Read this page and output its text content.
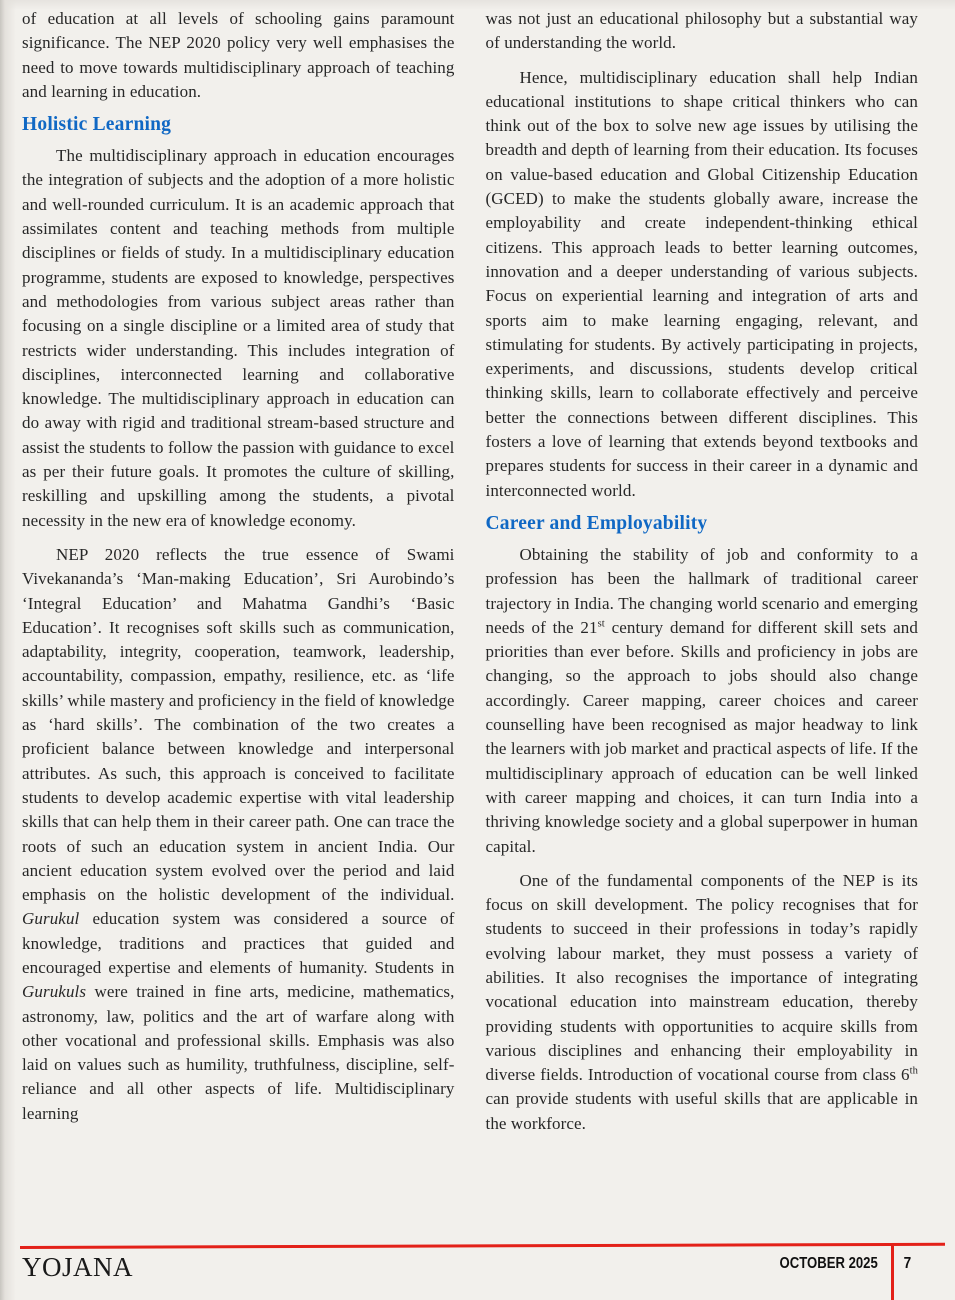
of education at all levels of schooling gains paramount significance. The NEP 2020 policy very well emphasises the need to move towards multidisciplinary approach of teaching and learning in education.

Holistic Learning

The multidisciplinary approach in education encourages the integration of subjects and the adoption of a more holistic and well-rounded curriculum. It is an academic approach that assimilates content and teaching methods from multiple disciplines or fields of study. In a multidisciplinary education programme, students are exposed to knowledge, perspectives and methodologies from various subject areas rather than focusing on a single discipline or a limited area of study that restricts wider understanding. This includes integration of disciplines, interconnected learning and collaborative knowledge. The multidisciplinary approach in education can do away with rigid and traditional stream-based structure and assist the students to follow the passion with guidance to excel as per their future goals. It promotes the culture of skilling, reskilling and upskilling among the students, a pivotal necessity in the new era of knowledge economy.

NEP 2020 reflects the true essence of Swami Vivekananda’s ‘Man-making Education’, Sri Aurobindo’s ‘Integral Education’ and Mahatma Gandhi’s ‘Basic Education’. It recognises soft skills such as communication, adaptability, integrity, cooperation, teamwork, leadership, accountability, compassion, empathy, resilience, etc. as ‘life skills’ while mastery and proficiency in the field of knowledge as ‘hard skills’. The combination of the two creates a proficient balance between knowledge and interpersonal attributes. As such, this approach is conceived to facilitate students to develop academic expertise with vital leadership skills that can help them in their career path. One can trace the roots of such an education system in ancient India. Our ancient education system evolved over the period and laid emphasis on the holistic development of the individual. Gurukul education system was considered a source of knowledge, traditions and practices that guided and encouraged expertise and elements of humanity. Students in Gurukuls were trained in fine arts, medicine, mathematics, astronomy, law, politics and the art of warfare along with other vocational and professional skills. Emphasis was also laid on values such as humility, truthfulness, discipline, self-reliance and all other aspects of life. Multidisciplinary learning

was not just an educational philosophy but a substantial way of understanding the world.

Hence, multidisciplinary education shall help Indian educational institutions to shape critical thinkers who can think out of the box to solve new age issues by utilising the breadth and depth of learning from their education. Its focuses on value-based education and Global Citizenship Education (GCED) to make the students globally aware, increase the employability and create independent-thinking ethical citizens. This approach leads to better learning outcomes, innovation and a deeper understanding of various subjects. Focus on experiential learning and integration of arts and sports aim to make learning engaging, relevant, and stimulating for students. By actively participating in projects, experiments, and discussions, students develop critical thinking skills, learn to collaborate effectively and perceive better the connections between different disciplines. This fosters a love of learning that extends beyond textbooks and prepares students for success in their career in a dynamic and interconnected world.

Career and Employability

Obtaining the stability of job and conformity to a profession has been the hallmark of traditional career trajectory in India. The changing world scenario and emerging needs of the 21st century demand for different skill sets and priorities than ever before. Skills and proficiency in jobs are changing, so the approach to jobs should also change accordingly. Career mapping, career choices and career counselling have been recognised as major headway to link the learners with job market and practical aspects of life. If the multidisciplinary approach of education can be well linked with career mapping and choices, it can turn India into a thriving knowledge society and a global superpower in human capital.

One of the fundamental components of the NEP is its focus on skill development. The policy recognises that for students to succeed in their professions in today’s rapidly evolving labour market, they must possess a variety of abilities. It also recognises the importance of integrating vocational education into mainstream education, thereby providing students with opportunities to acquire skills from various disciplines and enhancing their employability in diverse fields. Introduction of vocational course from class 6th can provide students with useful skills that are applicable in the workforce.

YOJANA	OCTOBER 2025 7
